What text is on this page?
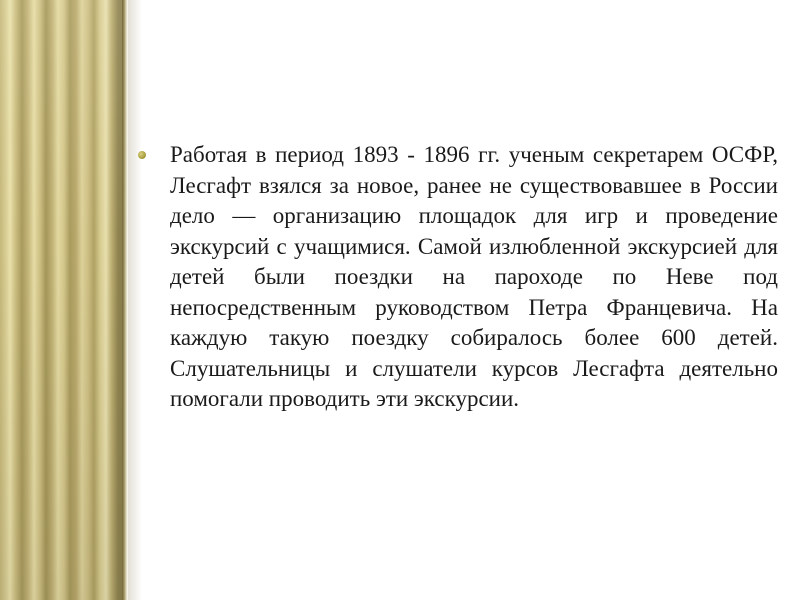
Работая в период 1893 - 1896 гг. ученым секретарем ОСФР, Лесгафт взялся за новое, ранее не существовавшее в России дело — организацию площадок для игр и проведение экскурсий с учащимися. Самой излюбленной экскурсией для детей были поездки на пароходе по Неве под непосредственным руководством Петра Францевича. На каждую такую поездку собиралось более 600 детей. Слушательницы и слушатели курсов Лесгафта деятельно помогали проводить эти экскурсии.
